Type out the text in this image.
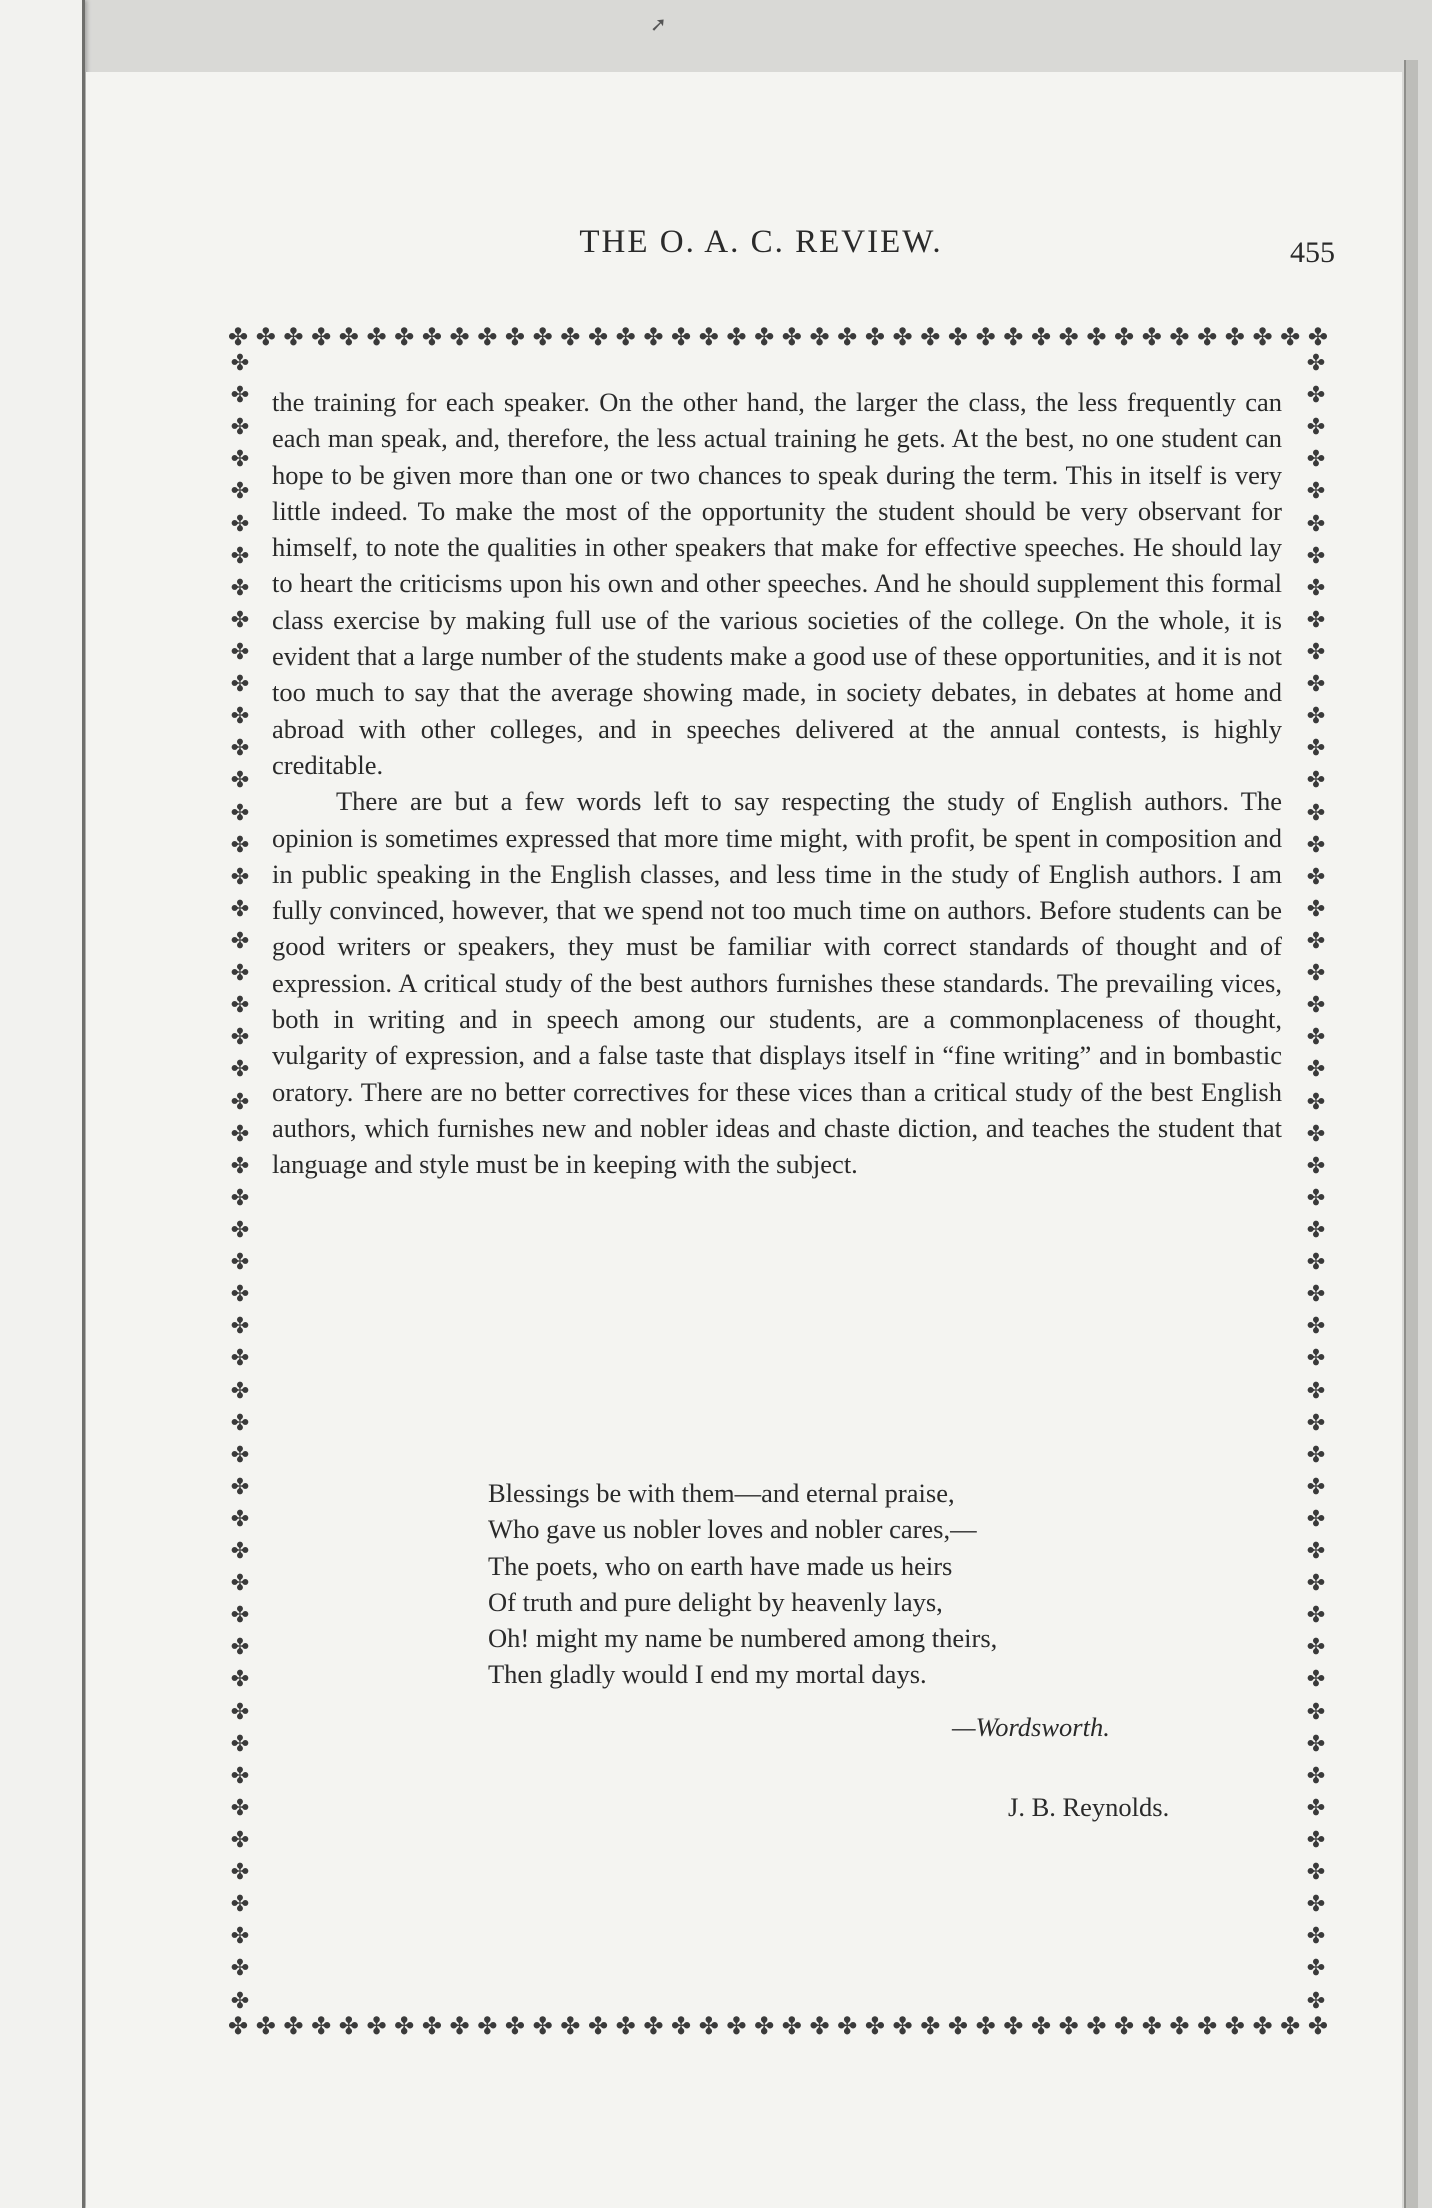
THE O. A. C. REVIEW.	455
✤ ✤ ✤ ✤ ✤ ✤ ✤ ✤ ✤ ✤ ✤ ✤ ✤ ✤ ✤ ✤ ✤ ✤ ✤ ✤ ✤ ✤ ✤ ✤ ✤ ✤ ✤ ✤ ✤ ✤ ✤ ✤ ✤ ✤ ✤ ✤ ✤ ✤ ✤ ✤
✤ ✤ ✤ ✤ ✤ ✤ ✤ ✤ ✤ ✤ ✤ ✤ ✤ ✤ ✤ ✤ ✤ ✤ ✤ ✤ ✤ ✤ ✤ ✤ ✤ ✤ ✤ ✤ ✤ ✤ ✤ ✤ ✤ ✤ ✤ ✤ ✤ ✤ ✤ ✤
✤
✤
✤
✤
✤
✤
✤
✤
✤
✤
✤
✤
✤
✤
✤
✤
✤
✤
✤
✤
✤
✤
✤
✤
✤
✤
✤
✤
✤
✤
✤
✤
✤
✤
✤
✤
✤
✤
✤
✤
✤
✤
✤
✤
✤
✤
✤
✤
✤
✤
✤
✤
✤
✤
✤
✤
✤
✤
✤
✤
✤
✤
✤
✤
✤
✤
✤
✤
✤
✤
✤
✤
✤
✤
✤
✤
✤
✤
✤
✤
✤
✤
✤
✤
✤
✤
✤
✤
✤
✤
✤
✤
✤
✤
✤
✤
✤
✤
✤
✤
✤
✤
✤
✤

the training for each speaker. On the other hand, the larger the class, the less frequently can each man speak, and, therefore, the less actual training he gets. At the best, no one student can hope to be given more than one or two chances to speak during the term. This in itself is very little indeed. To make the most of the opportunity the student should be very observant for himself, to note the qualities in other speakers that make for effective speeches. He should lay to heart the criticisms upon his own and other speeches. And he should supplement this formal class exercise by making full use of the various societies of the college. On the whole, it is evident that a large number of the students make a good use of these opportunities, and it is not too much to say that the average showing made, in society debates, in debates at home and abroad with other colleges, and in speeches delivered at the annual contests, is highly creditable.

There are but a few words left to say respecting the study of English authors. The opinion is sometimes expressed that more time might, with profit, be spent in composition and in public speaking in the English classes, and less time in the study of English authors. I am fully convinced, however, that we spend not too much time on authors. Before students can be good writers or speakers, they must be familiar with correct standards of thought and of expression. A critical study of the best authors furnishes these standards. The prevailing vices, both in writing and in speech among our students, are a commonplaceness of thought, vulgarity of expression, and a false taste that displays itself in “fine writing” and in bombastic oratory. There are no better correctives for these vices than a critical study of the best English authors, which furnishes new and nobler ideas and chaste diction, and teaches the student that language and style must be in keeping with the subject.

Blessings be with them—and eternal praise,
Who gave us nobler loves and nobler cares,—
The poets, who on earth have made us heirs
Of truth and pure delight by heavenly lays,
Oh! might my name be numbered among theirs,
Then gladly would I end my mortal days.
—Wordsworth.
J. B. Reynolds.
➚
